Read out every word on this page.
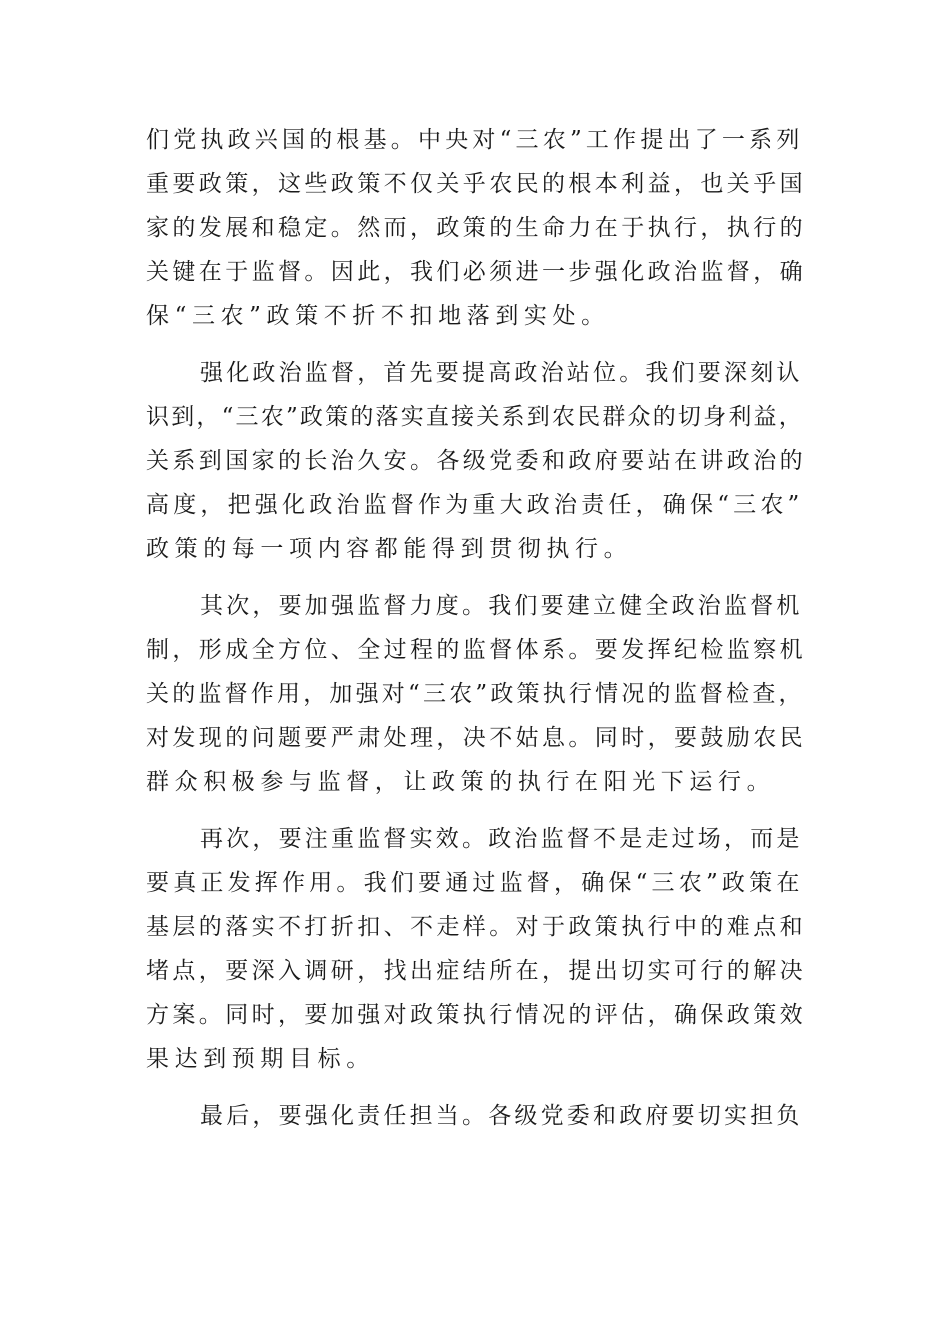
们党执政兴国的根基。中央对“三农”工作提出了一系列
重要政策，这些政策不仅关乎农民的根本利益，也关乎国
家的发展和稳定。然而，政策的生命力在于执行，执行的
关键在于监督。因此，我们必须进一步强化政治监督，确
保“三农”政策不折不扣地落到实处。
强化政治监督，首先要提高政治站位。我们要深刻认
识到，“三农”政策的落实直接关系到农民群众的切身利益，
关系到国家的长治久安。各级党委和政府要站在讲政治的
高度，把强化政治监督作为重大政治责任，确保“三农”
政策的每一项内容都能得到贯彻执行。
其次，要加强监督力度。我们要建立健全政治监督机
制，形成全方位、全过程的监督体系。要发挥纪检监察机
关的监督作用，加强对“三农”政策执行情况的监督检查，
对发现的问题要严肃处理，决不姑息。同时，要鼓励农民
群众积极参与监督，让政策的执行在阳光下运行。
再次，要注重监督实效。政治监督不是走过场，而是
要真正发挥作用。我们要通过监督，确保“三农”政策在
基层的落实不打折扣、不走样。对于政策执行中的难点和
堵点，要深入调研，找出症结所在，提出切实可行的解决
方案。同时，要加强对政策执行情况的评估，确保政策效
果达到预期目标。
最后，要强化责任担当。各级党委和政府要切实担负
